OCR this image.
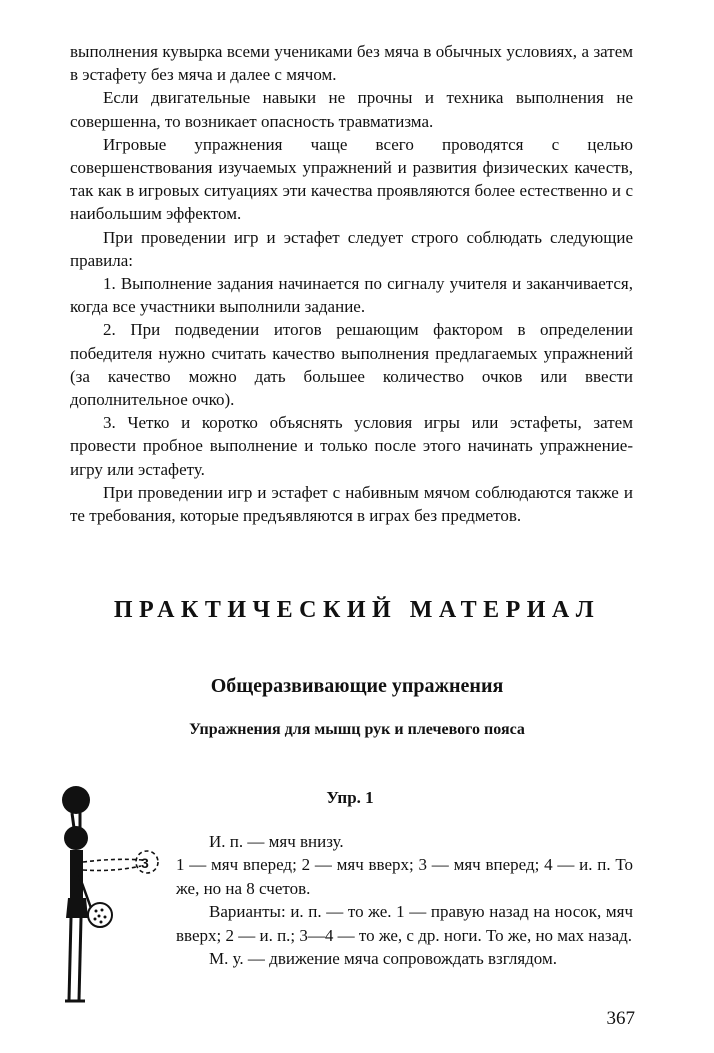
выполнения кувырка всеми учениками без мяча в обычных условиях, а затем в эстафету без мяча и далее с мячом.

Если двигательные навыки не прочны и техника выполнения не совершенна, то возникает опасность травматизма.

Игровые упражнения чаще всего проводятся с целью совершенствования изучаемых упражнений и развития физических качеств, так как в игровых ситуациях эти качества проявляются более естественно и с наибольшим эффектом.

При проведении игр и эстафет следует строго соблюдать следующие правила:

1. Выполнение задания начинается по сигналу учителя и заканчивается, когда все участники выполнили задание.

2. При подведении итогов решающим фактором в определении победителя нужно считать качество выполнения предлагаемых упражнений (за качество можно дать большее количество очков или ввести дополнительное очко).

3. Четко и коротко объяснять условия игры или эстафеты, затем провести пробное выполнение и только после этого начинать упражнение-игру или эстафету.

При проведении игр и эстафет с набивным мячом соблюдаются также и те требования, которые предъявляются в играх без предметов.

ПРАКТИЧЕСКИЙ МАТЕРИАЛ
Общеразвивающие упражнения
Упражнения для мышц рук и плечевого пояса
3
Упр. 1

И. п. — мяч внизу.

1 — мяч вперед; 2 — мяч вверх; 3 — мяч вперед; 4 — и. п. То же, но на 8 счетов.

Варианты: и. п. — то же. 1 — правую назад на носок, мяч вверх; 2 — и. п.; 3—4 — то же, с др. ноги. То же, но мах назад.

М. у. — движение мяча сопровождать взглядом.

367
